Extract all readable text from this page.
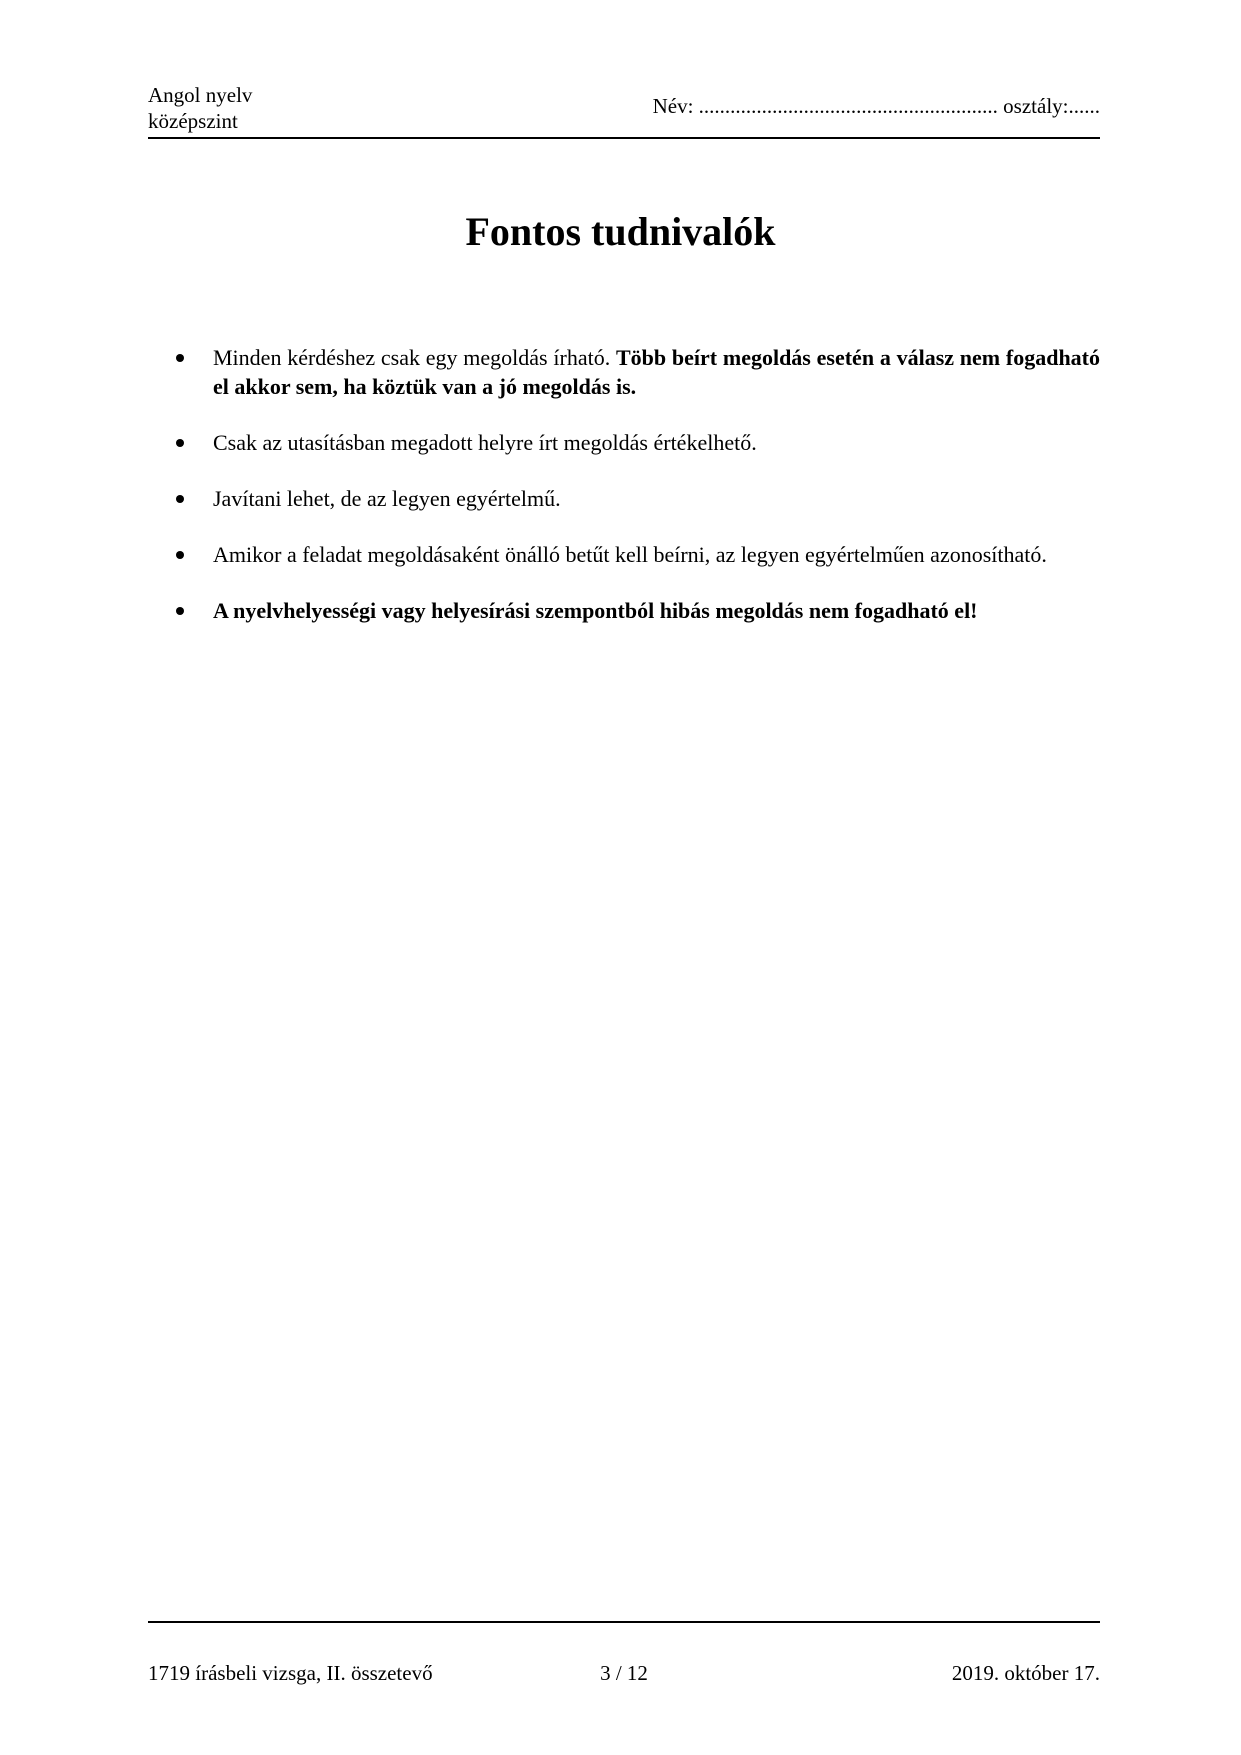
Angol nyelv
középszint
Név: ......................................................... osztály:......
Fontos tudnivalók
Minden kérdéshez csak egy megoldás írható. Több beírt megoldás esetén a válasz nem fogadható el akkor sem, ha köztük van a jó megoldás is.
Csak az utasításban megadott helyre írt megoldás értékelhető.
Javítani lehet, de az legyen egyértelmű.
Amikor a feladat megoldásaként önálló betűt kell beírni, az legyen egyértelműen azonosítható.
A nyelvhelyességi vagy helyesírási szempontból hibás megoldás nem fogadható el!
1719 írásbeli vizsga, II. összetevő	3 / 12	2019. október 17.
